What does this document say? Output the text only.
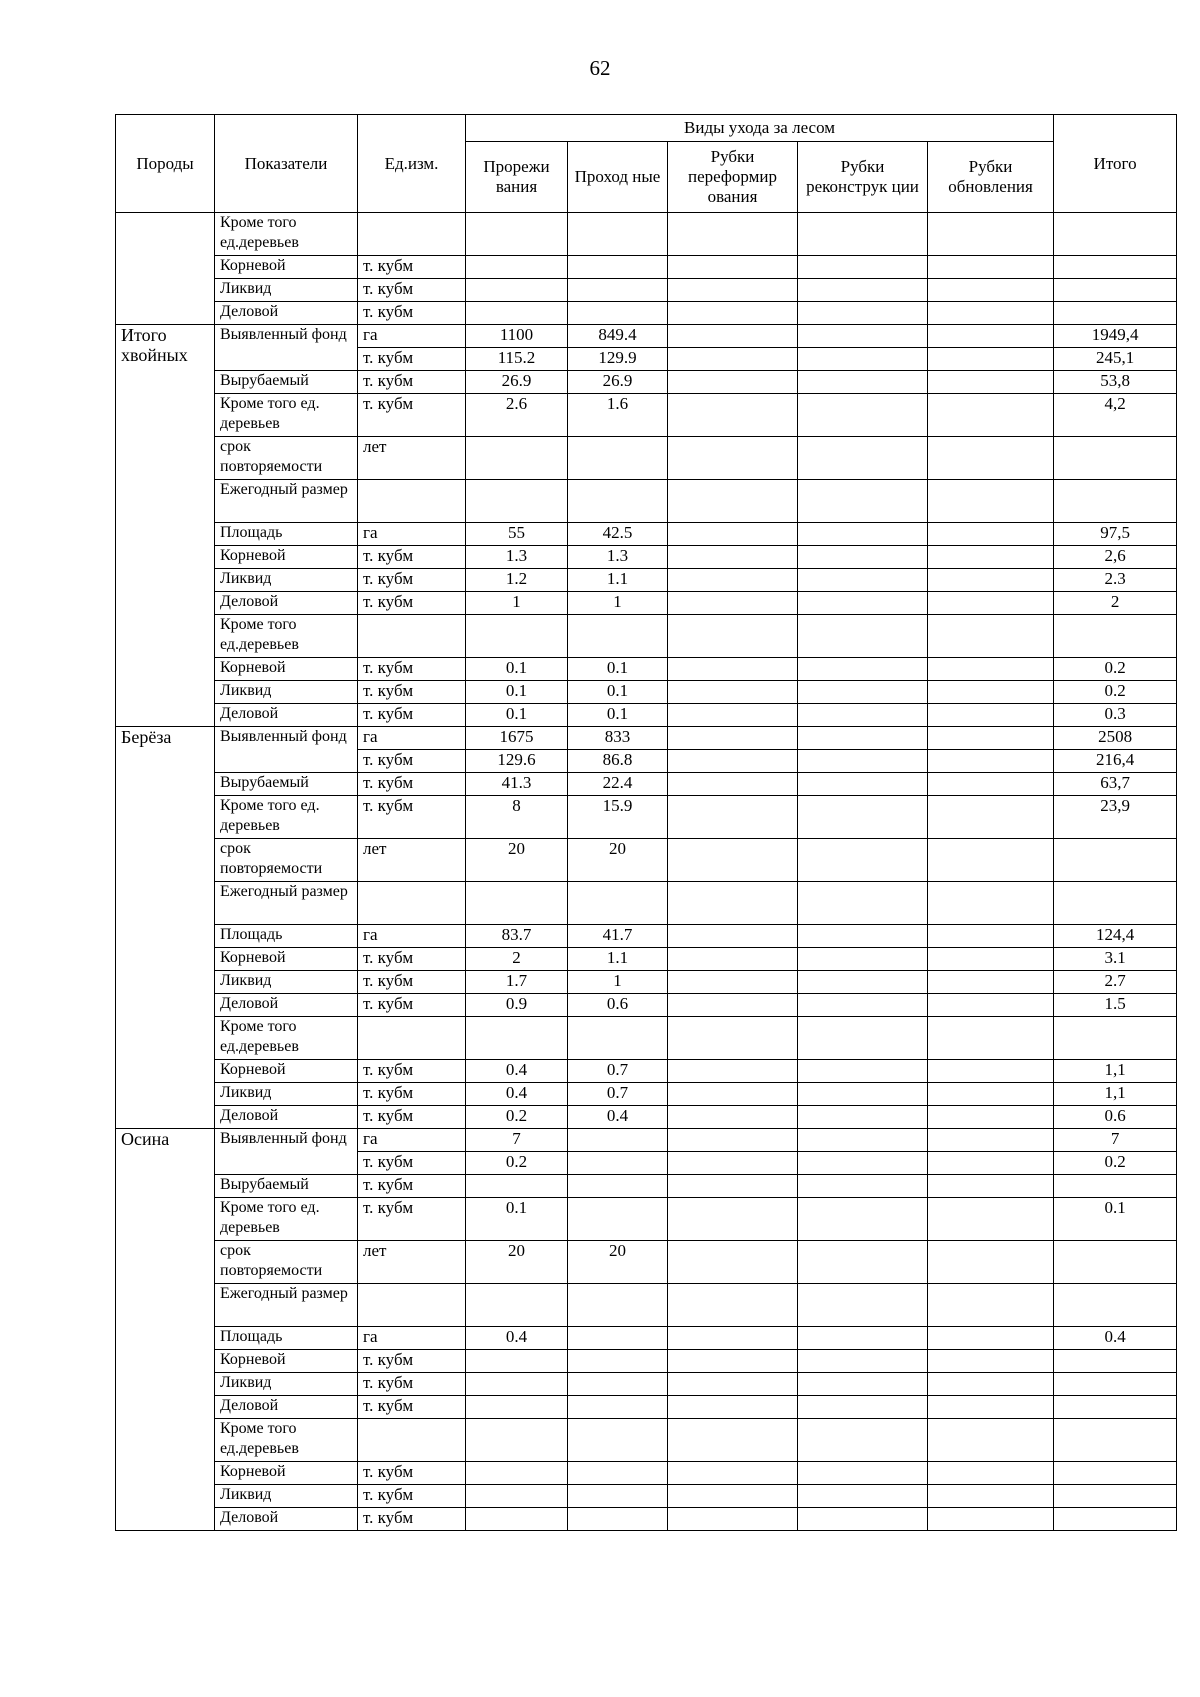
62
Породы	Показатели	Ед.изм.	Виды ухода за лесом					Итого
			Прорежи вания	Проход ные	Рубки переформир ования	Рубки реконструк ции	Рубки обновления	
	Кроме того ед.деревьев							
	Корневой	т. кубм						
	Ликвид	т. кубм						
	Деловой	т. кубм						
Итого хвойных	Выявленный фонд	га	1100	849.4				1949,4
		т. кубм	115.2	129.9				245,1
	Вырубаемый	т. кубм	26.9	26.9				53,8
	Кроме того ед. деревьев	т. кубм	2.6	1.6				4,2
	срок повторяемости	лет						
	Ежегодный размер							
	Площадь	га	55	42.5				97,5
	Корневой	т. кубм	1.3	1.3				2,6
	Ликвид	т. кубм	1.2	1.1				2.3
	Деловой	т. кубм	1	1				2
	Кроме того ед.деревьев							
	Корневой	т. кубм	0.1	0.1				0.2
	Ликвид	т. кубм	0.1	0.1				0.2
	Деловой	т. кубм	0.1	0.1				0.3
Берёза	Выявленный фонд	га	1675	833				2508
		т. кубм	129.6	86.8				216,4
	Вырубаемый	т. кубм	41.3	22.4				63,7
	Кроме того ед. деревьев	т. кубм	8	15.9				23,9
	срок повторяемости	лет	20	20				
	Ежегодный размер							
	Площадь	га	83.7	41.7				124,4
	Корневой	т. кубм	2	1.1				3.1
	Ликвид	т. кубм	1.7	1				2.7
	Деловой	т. кубм	0.9	0.6				1.5
	Кроме того ед.деревьев							
	Корневой	т. кубм	0.4	0.7				1,1
	Ликвид	т. кубм	0.4	0.7				1,1
	Деловой	т. кубм	0.2	0.4				0.6
Осина	Выявленный фонд	га	7					7
		т. кубм	0.2					0.2
	Вырубаемый	т. кубм						
	Кроме того ед. деревьев	т. кубм	0.1					0.1
	срок повторяемости	лет	20	20				
	Ежегодный размер							
	Площадь	га	0.4					0.4
	Корневой	т. кубм						
	Ликвид	т. кубм						
	Деловой	т. кубм						
	Кроме того ед.деревьев							
	Корневой	т. кубм						
	Ликвид	т. кубм						
	Деловой	т. кубм						
